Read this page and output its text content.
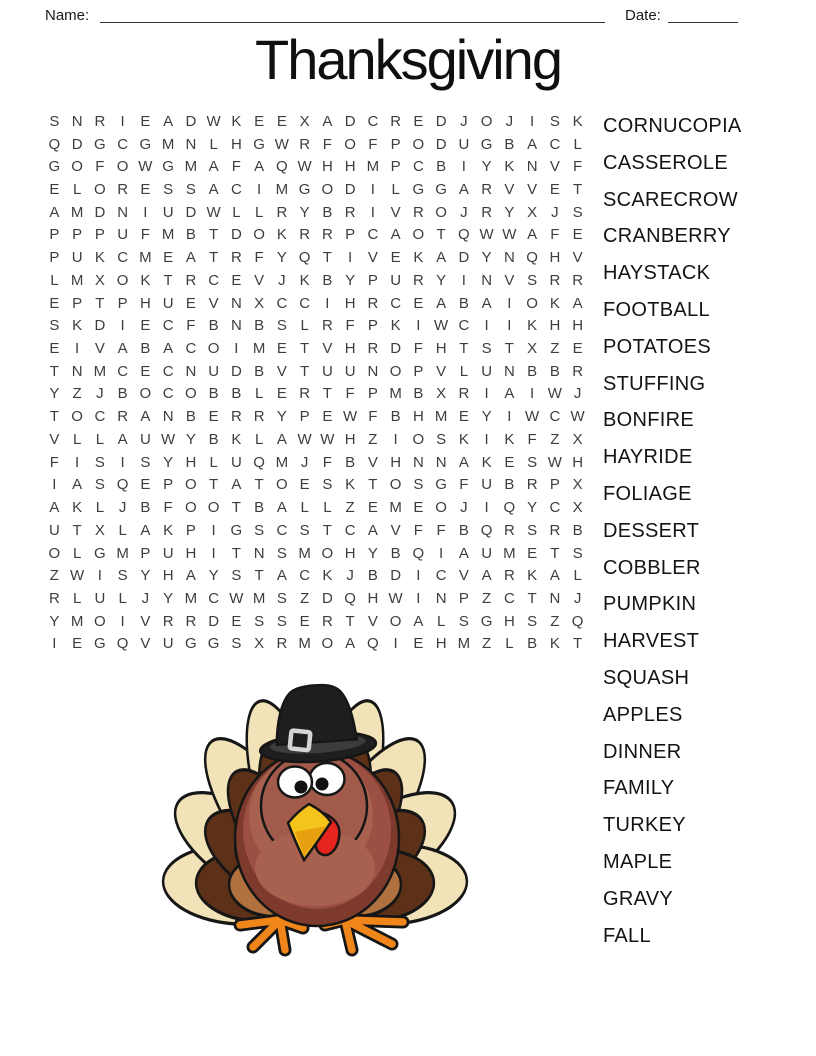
Name:	Date:
Thanksgiving
S N R	I	E A D W K E E X A D C R E D J O J	I	S K
Q D G C G M N L H G W R F O F P O D U G B A C L
G O F O W G M A F A Q W H H M P C B	I	Y K N V F
E L O R E S S A C	I M G O D	I	L G G A R V V E T
A M D N	I	U D W L L R Y B R	I	V R O J R Y X J S
P P P U F M B T D O K R R P C A O T Q W W A F E
P U K C M E A T R F Y Q T	I	V E K A D Y N Q H V
L M X O K T R C E V J K B Y P U R Y	I	N V S R R
E P T P H U E V N X C C	I	H R C E A B A	I O K A
S K D	I	E C F B N B S L R F P K	I W C	I	I	K H H
E	I	V A B A C O I M E T V H R D F H T S T X Z E
T N M C E C N U D B V T U U N O P V L U N B B R
Y Z J B O C O B B L E R T F P M B X R	I	A	I W J
T O C R A N B E R R Y P E W F B H M E Y	I W C W
V L L A U W Y B K L A W W H Z	I O S K	I	K F Z X
F	I	S	I	S Y H L U Q M J F B V H N N A K E S W H
I	A S Q E P O T A T O E S K T O S G F U B R P X
A K L J B F O O T B A L L Z E M E O J	I Q Y C X
U T X L A K P	I G S C S T C A V F F B Q R S R B
O L G M P U H	I	T N S M O H Y B Q I	A U M E T S
Z W I	S Y H A Y S T A C K J B D	I	C V A R K A L
R L U L J Y M C W M S Z D Q H W I	N P Z C T N J
Y M O I	V R R D E S S E R T V O A L S G H S Z Q
I	E G Q V U G G S X R M O A Q I	E H M Z L B K T
CORNUCOPIA
CASSEROLE
SCARECROW
CRANBERRY
HAYSTACK
FOOTBALL
POTATOES
STUFFING
BONFIRE
HAYRIDE
FOLIAGE
DESSERT
COBBLER
PUMPKIN
HARVEST
SQUASH
APPLES
DINNER
FAMILY
TURKEY
MAPLE
GRAVY
FALL
